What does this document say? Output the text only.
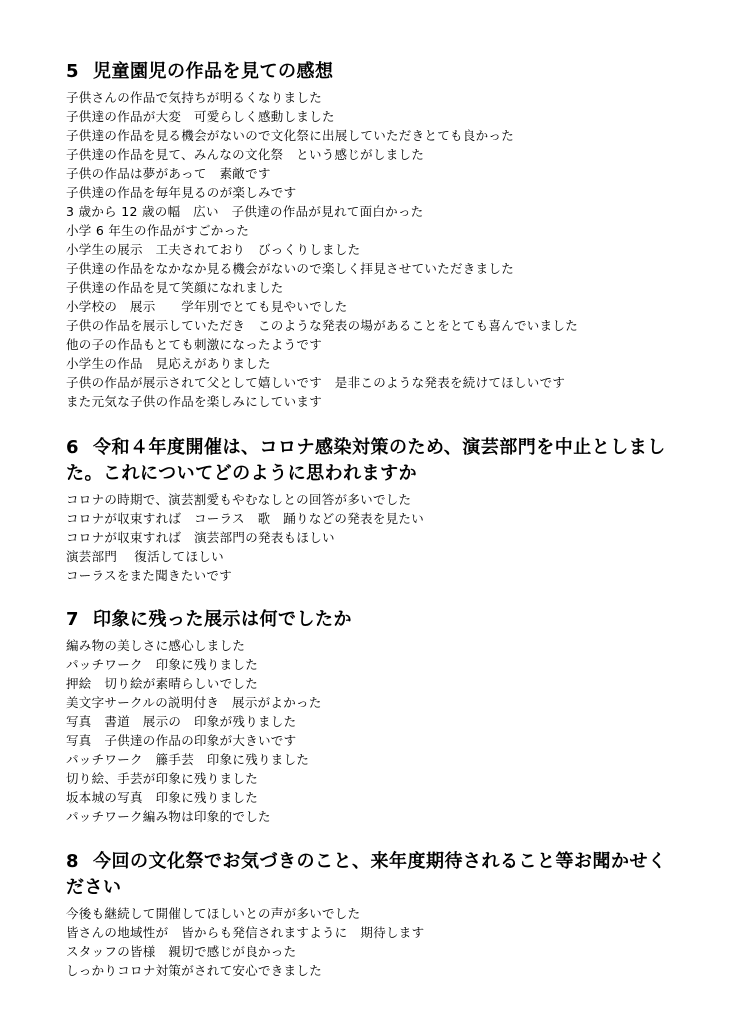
5 児童園児の作品を見ての感想
子供さんの作品で気持ちが明るくなりました
子供達の作品が大変　可愛らしく感動しました
子供達の作品を見る機会がないので文化祭に出展していただきとても良かった
子供達の作品を見て、みんなの文化祭　という感じがしました
子供の作品は夢があって　素敵です
子供達の作品を毎年見るのが楽しみです
3 歳から 12 歳の幅　広い　子供達の作品が見れて面白かった
小学 6 年生の作品がすごかった
小学生の展示　工夫されており　びっくりしました
子供達の作品をなかなか見る機会がないので楽しく拝見させていただきました
子供達の作品を見て笑顔になれました
小学校の　展示　　学年別でとても見やいでした
子供の作品を展示していただき　このような発表の場があることをとても喜んでいました
他の子の作品もとても刺激になったようです
小学生の作品　見応えがありました
子供の作品が展示されて父として嬉しいです　是非このような発表を続けてほしいです
また元気な子供の作品を楽しみにしています
6 令和４年度開催は、コロナ感染対策のため、演芸部門を中止としました。これについてどのように思われますか
コロナの時期で、演芸割愛もやむなしとの回答が多いでした
コロナが収束すれば　コーラス　歌　踊りなどの発表を見たい
コロナが収束すれば　演芸部門の発表もほしい
演芸部門　 復活してほしい
コーラスをまた聞きたいです
7 印象に残った展示は何でしたか
編み物の美しさに感心しました
パッチワーク　印象に残りました
押絵　切り絵が素晴らしいでした
美文字サークルの説明付き　展示がよかった
写真　書道　展示の　印象が残りました
写真　子供達の作品の印象が大きいです
パッチワーク　籐手芸　印象に残りました
切り絵、手芸が印象に残りました
坂本城の写真　印象に残りました
パッチワーク編み物は印象的でした
8 今回の文化祭でお気づきのこと、来年度期待されること等お聞かせください
今後も継続して開催してほしいとの声が多いでした
皆さんの地域性が　皆からも発信されますように　期待します
スタッフの皆様　親切で感じが良かった
しっかりコロナ対策がされて安心できました
